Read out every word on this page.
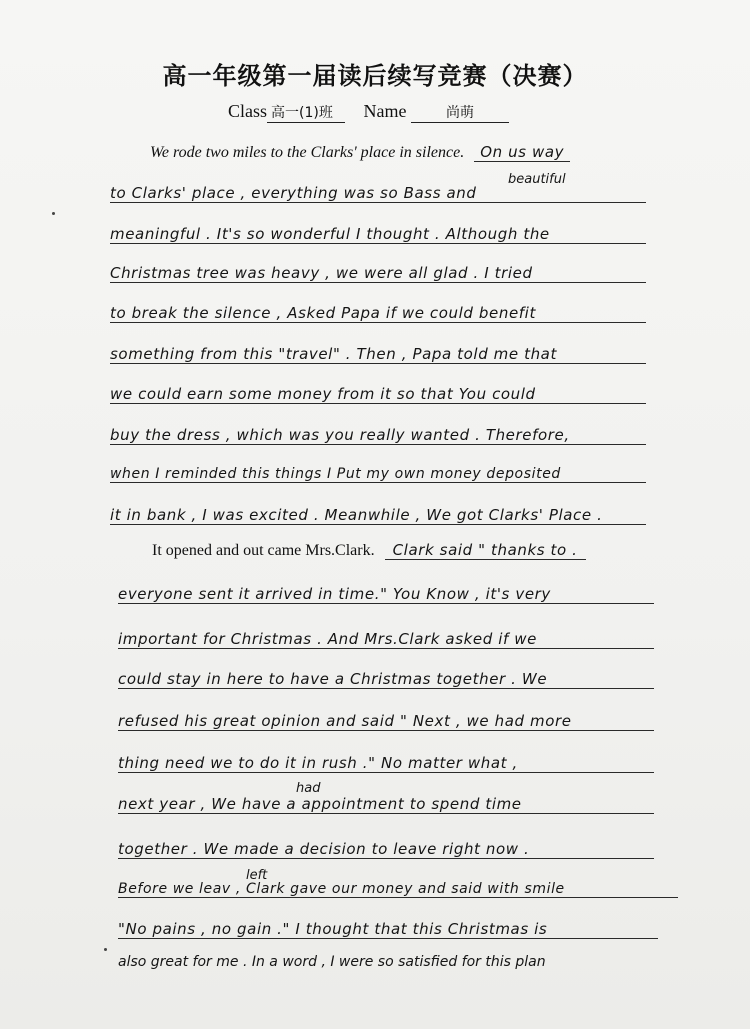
高一年级第一届读后续写竞赛（决赛）
Class 高一(1)班 Name	尚萌
We rode two miles to the Clarks' place in silence. On us way
beautiful
to Clarks' place , everything was so Bass and
meaningful . It's so wonderful I thought . Although the
Christmas tree was heavy , we were all glad . I tried
to break the silence , Asked Papa if we could benefit
something from this "travel" . Then , Papa told me that
we could earn some money from it so that You could
buy the dress , which was you really wanted . Therefore,
when I reminded this things I Put my own money deposited
it in bank , I was excited . Meanwhile , We got Clarks' Place .
It opened and out came Mrs.Clark. Clark said " thanks to .
everyone sent it arrived in time." You Know , it's very
important for Christmas . And Mrs.Clark asked if we
could stay in here to have a Christmas together . We
refused his great opinion and said " Next , we had more
thing need we to do it in rush ." No matter what ,
had
next year , We have a appointment to spend time
together . We made a decision to leave right now .
left
Before we leav , Clark gave our money and said with smile
"No pains , no gain ." I thought that this Christmas is
also great for me . In a word , I were so satisfied for this plan
